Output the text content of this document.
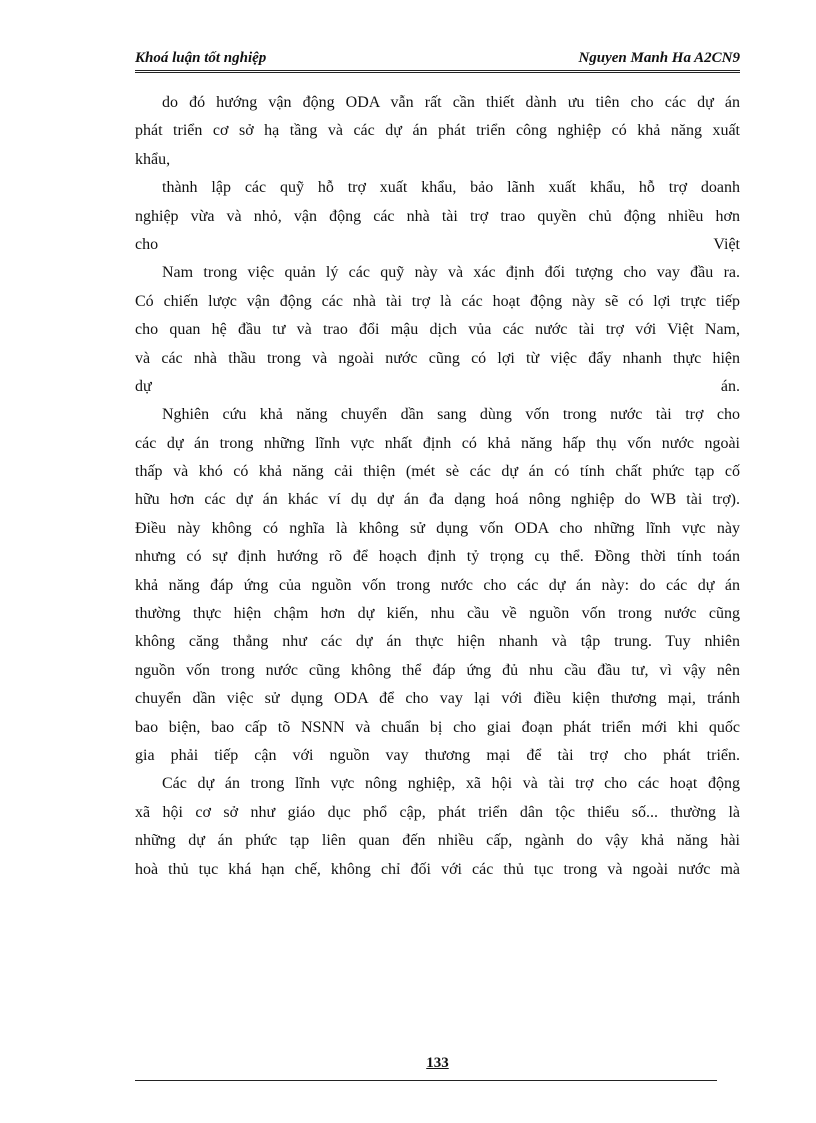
Khoá luận tốt nghiệp	Nguyen Manh Ha A2CN9
do đó hướng vận động ODA vẫn rất cần thiết dành ưu tiên cho các dự án
phát triển cơ sở hạ tầng và các dự án phát triển công nghiệp có khả năng xuất
khẩu,
thành lập các quỹ hỗ trợ xuất khẩu, bảo lãnh xuất khẩu, hỗ trợ doanh
nghiệp vừa và nhỏ, vận động các nhà tài trợ trao quyền chủ động nhiều hơn
cho	Việt
Nam trong việc quản lý các quỹ này và xác định đối tượng cho vay đầu ra.
Có chiến lược vận động các nhà tài trợ là các hoạt động này sẽ có lợi trực tiếp
cho quan hệ đầu tư và trao đổi mậu dịch vủa các nước tài trợ với Việt Nam,
và các nhà thầu trong và ngoài nước cũng có lợi từ việc đẩy nhanh thực hiện
dự	án.
Nghiên cứu khả năng chuyển dần sang dùng vốn trong nước tài trợ cho
các dự án trong những lĩnh vực nhất định có khả năng hấp thụ vốn nước ngoài
thấp và khó có khả năng cải thiện (mét sè các dự án có tính chất phức tạp cố
hữu hơn các dự án khác ví dụ dự án đa dạng hoá nông nghiệp do WB tài trợ).
Điều này không có nghĩa là không sử dụng vốn ODA cho những lĩnh vực này
nhưng có sự định hướng rõ để hoạch định tỷ trọng cụ thể. Đồng thời tính toán
khả năng đáp ứng của nguồn vốn trong nước cho các dự án này: do các dự án
thường thực hiện chậm hơn dự kiến, nhu cầu về nguồn vốn trong nước cũng
không căng thẳng như các dự án thực hiện nhanh và tập trung. Tuy nhiên
nguồn vốn trong nước cũng không thể đáp ứng đủ nhu cầu đầu tư, vì vậy nên
chuyển dần việc sử dụng ODA để cho vay lại với điều kiện thương mại, tránh
bao biện, bao cấp tõ NSNN và chuẩn bị cho giai đoạn phát triển mới khi quốc
gia phải tiếp cận với nguồn vay thương mại để tài trợ cho phát triển.
Các dự án trong lĩnh vực nông nghiệp, xã hội và tài trợ cho các hoạt động
xã hội cơ sở như giáo dục phổ cập, phát triển dân tộc thiểu số... thường là
những dự án phức tạp liên quan đến nhiều cấp, ngành do vậy khả năng hài
hoà thủ tục khá hạn chế, không chỉ đối với các thủ tục trong và ngoài nước mà
133
